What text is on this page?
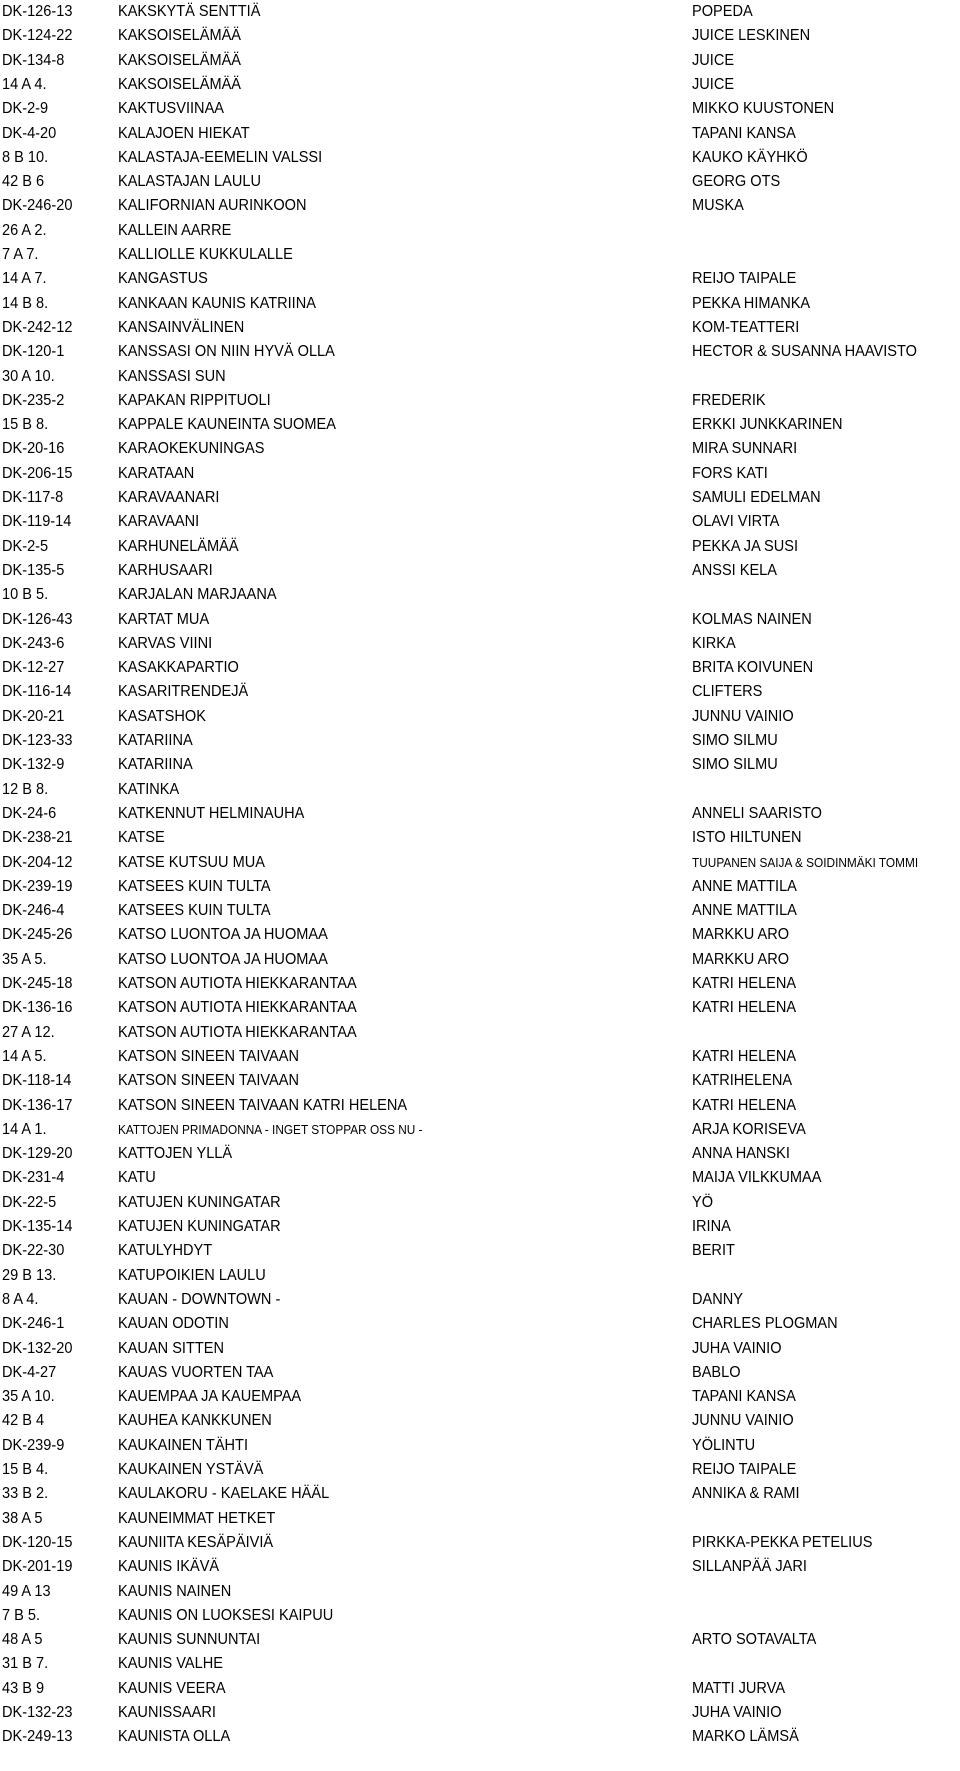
DK-126-13	KAKSKYTÄ SENTTIÄ	POPEDA
DK-124-22	KAKSOISELÄMÄÄ	JUICE LESKINEN
DK-134-8	KAKSOISELÄMÄÄ	JUICE
14 A 4.	KAKSOISELÄMÄÄ	JUICE
DK-2-9	KAKTUSVIINAA	MIKKO KUUSTONEN
DK-4-20	KALAJOEN HIEKAT	TAPANI KANSA
8 B 10.	KALASTAJA-EEMELIN VALSSI	KAUKO KÄYHKÖ
42 B 6	KALASTAJAN LAULU	GEORG OTS
DK-246-20	KALIFORNIAN AURINKOON	MUSKA
26 A 2.	KALLEIN AARRE
7 A 7.	KALLIOLLE KUKKULALLE
14 A 7.	KANGASTUS	REIJO TAIPALE
14 B 8.	KANKAAN KAUNIS KATRIINA	PEKKA HIMANKA
DK-242-12	KANSAINVÄLINEN	KOM-TEATTERI
DK-120-1	KANSSASI ON NIIN HYVÄ OLLA	HECTOR & SUSANNA HAAVISTO
30 A 10.	KANSSASI SUN
DK-235-2	KAPAKAN RIPPITUOLI	FREDERIK
15 B 8.	KAPPALE KAUNEINTA SUOMEA	ERKKI JUNKKARINEN
DK-20-16	KARAOKEKUNINGAS	MIRA SUNNARI
DK-206-15	KARATAAN	FORS KATI
DK-117-8	KARAVAANARI	SAMULI EDELMAN
DK-119-14	KARAVAANI	OLAVI VIRTA
DK-2-5	KARHUNELÄMÄÄ	PEKKA JA SUSI
DK-135-5	KARHUSAARI	ANSSI KELA
10 B 5.	KARJALAN MARJAANA
DK-126-43	KARTAT MUA	KOLMAS NAINEN
DK-243-6	KARVAS VIINI	KIRKA
DK-12-27	KASAKKAPARTIO	BRITA KOIVUNEN
DK-116-14	KASARITRENDEJÄ	CLIFTERS
DK-20-21	KASATSHOK	JUNNU VAINIO
DK-123-33	KATARIINA	SIMO SILMU
DK-132-9	KATARIINA	SIMO SILMU
12 B 8.	KATINKA
DK-24-6	KATKENNUT HELMINAUHA	ANNELI SAARISTO
DK-238-21	KATSE	ISTO HILTUNEN
DK-204-12	KATSE KUTSUU MUA	TUUPANEN SAIJA & SOIDINMÄKI TOMMI
DK-239-19	KATSEES KUIN TULTA	ANNE MATTILA
DK-246-4	KATSEES KUIN TULTA	ANNE MATTILA
DK-245-26	KATSO LUONTOA JA HUOMAA	MARKKU ARO
35 A 5.	KATSO LUONTOA JA HUOMAA	MARKKU ARO
DK-245-18	KATSON AUTIOTA HIEKKARANTAA	KATRI HELENA
DK-136-16	KATSON AUTIOTA HIEKKARANTAA	KATRI HELENA
27 A 12.	KATSON AUTIOTA HIEKKARANTAA
14 A 5.	KATSON SINEEN TAIVAAN	KATRI HELENA
DK-118-14	KATSON SINEEN TAIVAAN	KATRIHELENA
DK-136-17	KATSON SINEEN TAIVAAN KATRI HELENA	KATRI HELENA
14 A 1.	KATTOJEN PRIMADONNA - INGET STOPPAR OSS NU -	ARJA KORISEVA
DK-129-20	KATTOJEN YLLÄ	ANNA HANSKI
DK-231-4	KATU	MAIJA VILKKUMAA
DK-22-5	KATUJEN KUNINGATAR	YÖ
DK-135-14	KATUJEN KUNINGATAR	IRINA
DK-22-30	KATULYHDYT	BERIT
29 B 13.	KATUPOIKIEN LAULU
8 A 4.	KAUAN - DOWNTOWN -	DANNY
DK-246-1	KAUAN ODOTIN	CHARLES PLOGMAN
DK-132-20	KAUAN SITTEN	JUHA VAINIO
DK-4-27	KAUAS VUORTEN TAA	BABLO
35 A 10.	KAUEMPAA JA KAUEMPAA	TAPANI KANSA
42 B 4	KAUHEA KANKKUNEN	JUNNU VAINIO
DK-239-9	KAUKAINEN TÄHTI	YÖLINTU
15 B 4.	KAUKAINEN YSTÄVÄ	REIJO TAIPALE
33 B 2.	KAULAKORU - KAELAKE HÄÄL	ANNIKA & RAMI
38 A 5	KAUNEIMMAT HETKET
DK-120-15	KAUNIITA KESÄPÄIVIÄ	PIRKKA-PEKKA PETELIUS
DK-201-19	KAUNIS IKÄVÄ	SILLANPÄÄ JARI
49 A 13	KAUNIS NAINEN
7 B 5.	KAUNIS ON LUOKSESI KAIPUU
48 A 5	KAUNIS SUNNUNTAI	ARTO SOTAVALTA
31 B 7.	KAUNIS VALHE
43 B 9	KAUNIS VEERA	MATTI JURVA
DK-132-23	KAUNISSAARI	JUHA VAINIO
DK-249-13	KAUNISTA OLLA	MARKO LÄMSÄ
